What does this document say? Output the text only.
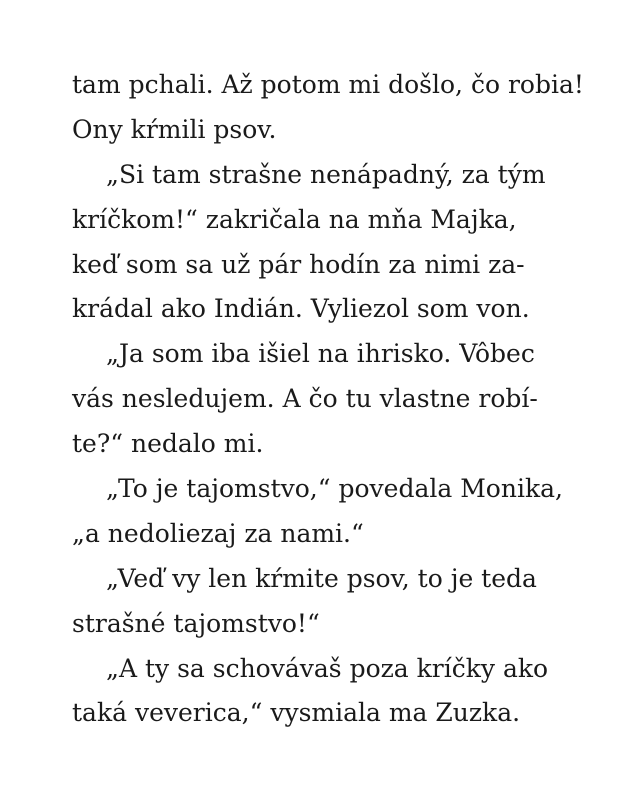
tam pchali. Až potom mi došlo, čo robia!
Ony kŕmili psov.
„Si tam strašne nenápadný, za tým
kríčkom!“ zakričala na mňa Majka,
keď som sa už pár hodín za nimi za-
krádal ako Indián. Vyliezol som von.
„Ja som iba išiel na ihrisko. Vôbec
vás nesledujem. A čo tu vlastne robí-
te?“ nedalo mi.
„To je tajomstvo,“ povedala Monika,
„a nedoliezaj za nami.“
„Veď vy len kŕmite psov, to je teda
strašné tajomstvo!“
„A ty sa schovávaš poza kríčky ako
taká veverica,“ vysmiala ma Zuzka.
